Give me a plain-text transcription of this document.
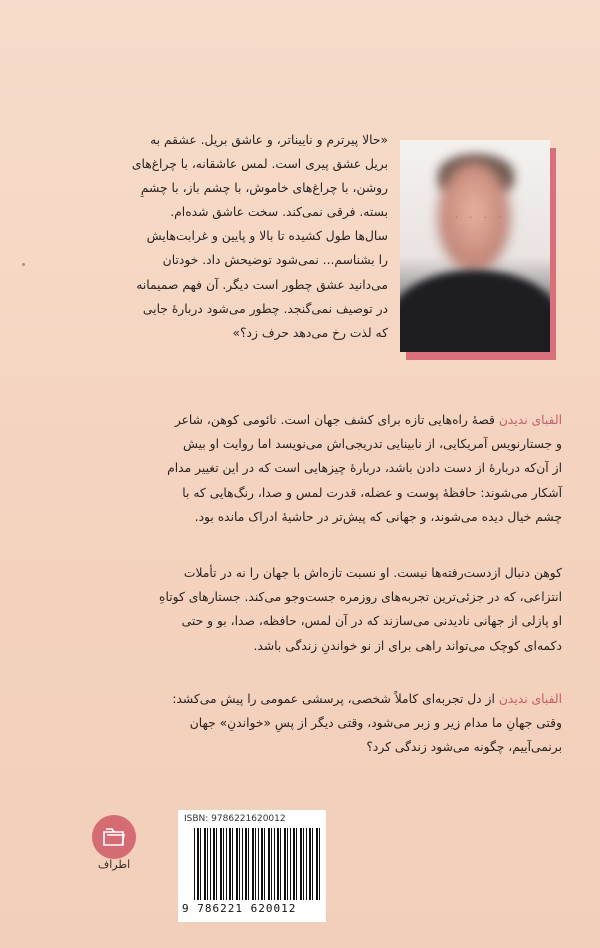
. . . .

«حالا پیرترم و ناییناتر، و عاشق بریل. عشقم به

بریل عشق پیری است. لمس عاشقانه، با چراغ‌های

روشن، با چراغ‌های خاموش، با چشم باز، با چشمِ

بسته. فرقی نمی‌کند. سخت عاشق شده‌ام.

سال‌ها طول کشیده تا بالا و پایین و غرابت‌هایش

را بشناسم... نمی‌شود توضیحش داد. خودتان

می‌دانید عشق چطور است دیگر. آن فهم صمیمانه

در توصیف نمی‌گنجد. چطور می‌شود دربارهٔ جایی

که لذت رخ می‌دهد حرف زد؟»

الفبای ندیدن قصهٔ راه‌هایی تازه برای کشف جهان است. نائومی کوهن، شاعر

و جستارنویس آمریکایی، از نابینایی تدریجی‌اش می‌نویسد اما روایت او بیش

از آن‌که دربارهٔ از دست دادن باشد، دربارهٔ چیزهایی است که در این تغییر مدام

آشکار می‌شوند: حافظهٔ پوست و عضله، قدرت لمس و صدا، رنگ‌هایی که با

چشم خیال دیده می‌شوند، و جهانی که پیش‌تر در حاشیهٔ ادراک مانده بود.

کوهن دنبال ازدست‌رفته‌ها نیست. او نسبت تازه‌اش با جهان را نه در تأملات

انتزاعی، که در جزئی‌ترین تجربه‌های روزمره جست‌وجو می‌کند. جستارهای کوتاهِ

او پازلی از جهانی نادیدنی می‌سازند که در آن لمس، حافظه، صدا، بو و حتی

دکمه‌ای کوچک می‌تواند راهی برای از نو خواندنِ زندگی باشد.

الفبای ندیدن از دل تجربه‌ای کاملاً شخصی، پرسشی عمومی را پیش می‌کشد:

وقتی جهانِ ما مدام زیر و زبر می‌شود، وقتی دیگر از پسِ «خواندنِ» جهان

برنمی‌آییم، چگونه می‌شود زندگی کرد؟

اطراف
ISBN: 9786221620012
9 786221 620012
